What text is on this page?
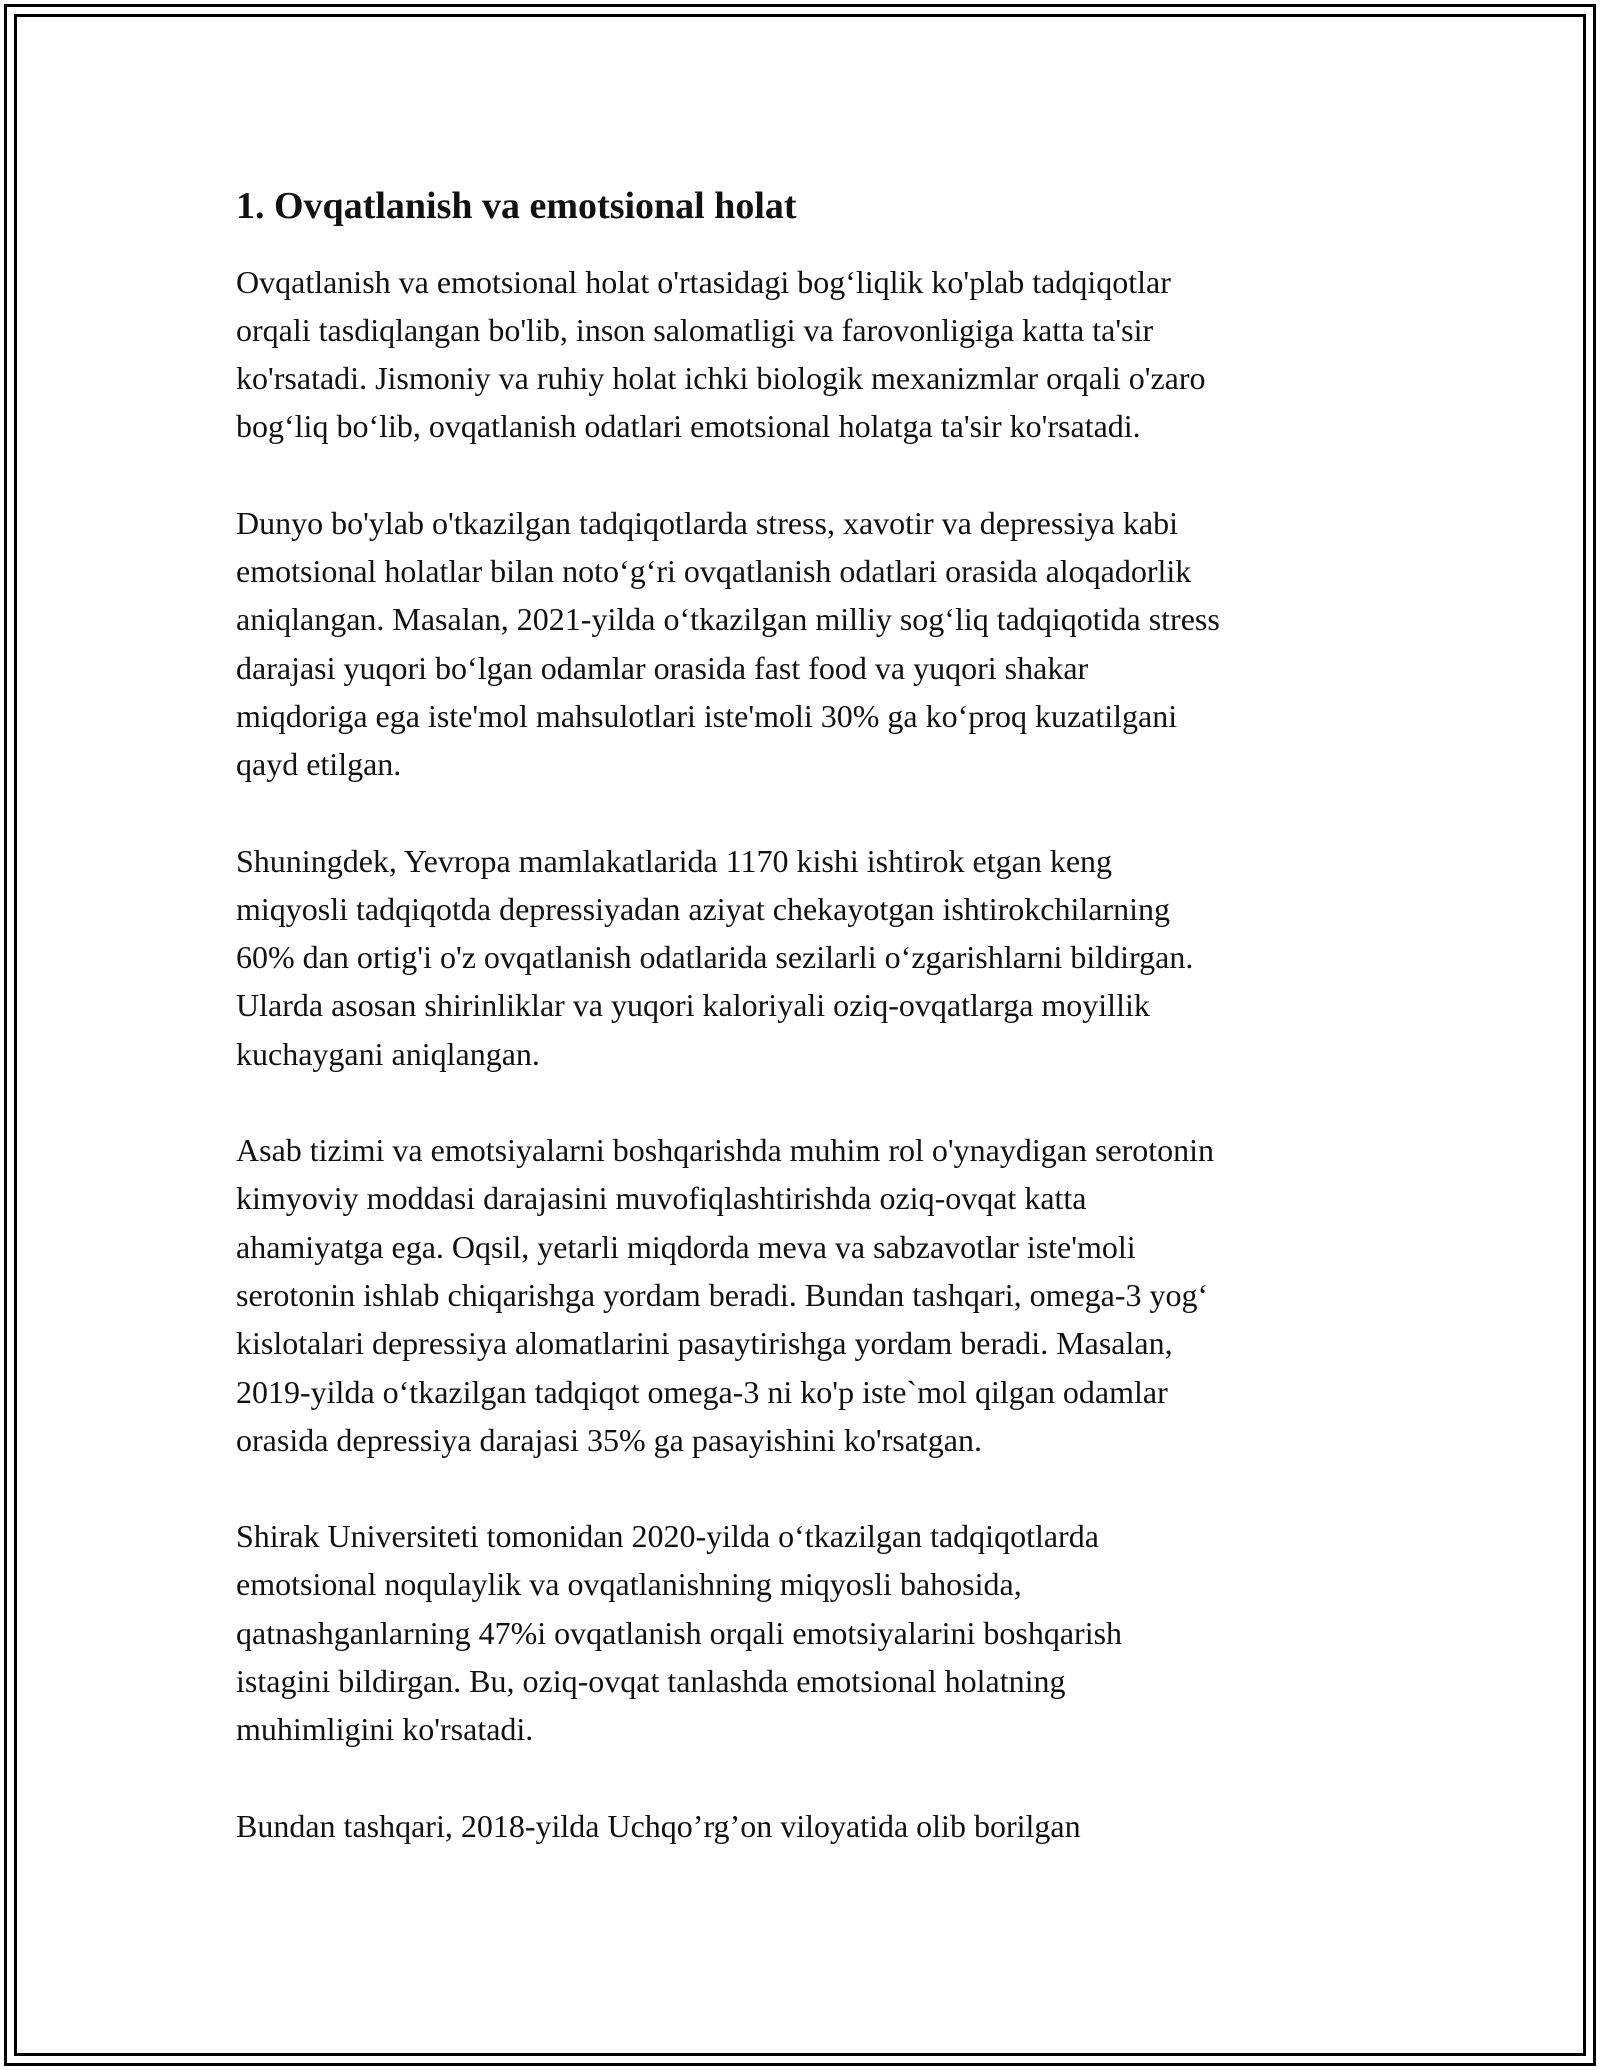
1. Ovqatlanish va emotsional holat
Ovqatlanish va emotsional holat o'rtasidagi bog‘liqlik ko'plab tadqiqotlar
orqali tasdiqlangan bo'lib, inson salomatligi va farovonligiga katta ta'sir
ko'rsatadi. Jismoniy va ruhiy holat ichki biologik mexanizmlar orqali o'zaro
bog‘liq bo‘lib, ovqatlanish odatlari emotsional holatga ta'sir ko'rsatadi.
Dunyo bo'ylab o'tkazilgan tadqiqotlarda stress, xavotir va depressiya kabi
emotsional holatlar bilan noto‘g‘ri ovqatlanish odatlari orasida aloqadorlik
aniqlangan. Masalan, 2021-yilda o‘tkazilgan milliy sog‘liq tadqiqotida stress
darajasi yuqori bo‘lgan odamlar orasida fast food va yuqori shakar
miqdoriga ega iste'mol mahsulotlari iste'moli 30% ga ko‘proq kuzatilgani
qayd etilgan.
Shuningdek, Yevropa mamlakatlarida 1170 kishi ishtirok etgan keng
miqyosli tadqiqotda depressiyadan aziyat chekayotgan ishtirokchilarning
60% dan ortig'i o'z ovqatlanish odatlarida sezilarli o‘zgarishlarni bildirgan.
Ularda asosan shirinliklar va yuqori kaloriyali oziq-ovqatlarga moyillik
kuchaygani aniqlangan.
Asab tizimi va emotsiyalarni boshqarishda muhim rol o'ynaydigan serotonin
kimyoviy moddasi darajasini muvofiqlashtirishda oziq-ovqat katta
ahamiyatga ega. Oqsil, yetarli miqdorda meva va sabzavotlar iste'moli
serotonin ishlab chiqarishga yordam beradi. Bundan tashqari, omega-3 yog‘
kislotalari depressiya alomatlarini pasaytirishga yordam beradi. Masalan,
2019-yilda o‘tkazilgan tadqiqot omega-3 ni ko'p iste`mol qilgan odamlar
orasida depressiya darajasi 35% ga pasayishini ko'rsatgan.
Shirak Universiteti tomonidan 2020-yilda o‘tkazilgan tadqiqotlarda
emotsional noqulaylik va ovqatlanishning miqyosli bahosida,
qatnashganlarning 47%i ovqatlanish orqali emotsiyalarini boshqarish
istagini bildirgan. Bu, oziq-ovqat tanlashda emotsional holatning
muhimligini ko'rsatadi.
Bundan tashqari, 2018-yilda Uchqo’rg’on viloyatida olib borilgan
